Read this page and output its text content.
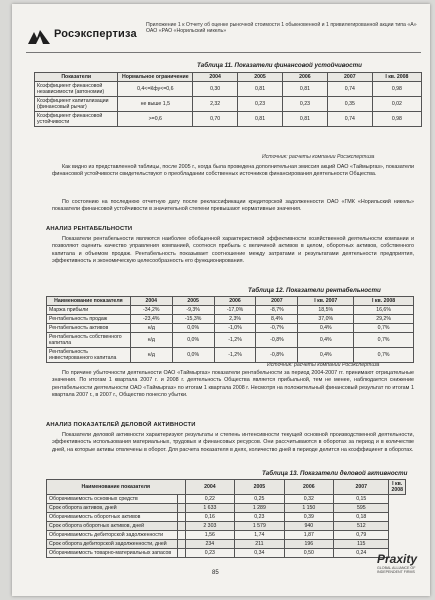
Росэкспертиза
Приложение 1 к Отчету об оценке рыночной стоимости 1 обыкновенной и 1 привилегированной акции типа «А» ОАО «РАО «Норильский никель»
Таблица 11. Показатели финансовой устойчивости
Показатели	Нормальное ограничение	2004	2005	2006	2007	I кв. 2008
Коэффициент финансовой независимости (автономии)	0,4<=Кфу<=0,6	0,30	0,81	0,81	0,74	0,98
Коэффициент капитализации (финансовый рычаг)	не выше 1,5	2,32	0,23	0,23	0,35	0,02
Коэффициент финансовой устойчивости	>=0,6	0,70	0,81	0,81	0,74	0,98
Источник: расчеты компании Росэкспертиза
Как видно из представленной таблицы, после 2005 г., когда была проведена дополнительная эмиссия акций ОАО «Таймыргаз», показатели финансовой устойчивости свидетельствуют о преобладании собственных источников финансирования деятельности Общества.
По состоянию на последнюю отчетную дату после реклассификации кредиторской задолженности ОАО «ГМК «Норильский никель» показатели финансовой устойчивости в значительной степени превышают нормативные значения.
АНАЛИЗ РЕНТАБЕЛЬНОСТИ
Показатели рентабельности являются наиболее обобщенной характеристикой эффективности хозяйственной деятельности компании и позволяют оценить качество управления компанией, соотнося прибыль с величиной активов в целом, оборотных активов, собственного капитала и объемом продаж. Рентабельность показывает соотношение между затратами и результатами деятельности предприятия, эффективность и экономическую целесообразность его функционирования.
Таблица 12. Показатели рентабельности
Наименование показателя	2004	2005	2006	2007	I кв. 2007	I кв. 2008
Маржа прибыли	-34,2%	-9,3%	-17,0%	-8,7%	18,5%	16,6%
Рентабельность продаж	-23,4%	-15,3%	2,3%	8,4%	37,0%	29,2%
Рентабельность активов	н/д	0,0%	-1,0%	-0,7%	0,4%	0,7%
Рентабельность собственного капитала	н/д	0,0%	-1,2%	-0,8%	0,4%	0,7%
Рентабельность инвестированного капитала	н/д	0,0%	-1,2%	-0,8%	0,4%	0,7%
Источник: расчеты компании Росэкспертиза
По причине убыточности деятельности ОАО «Таймыргаз» показатели рентабельности за период 2004-2007 гг. принимают отрицательные значения. По итогам 1 квартала 2007 г. и 2008 г. деятельность Общества является прибыльной, тем не менее, наблюдается снижение рентабельности деятельности ОАО «Таймыргаз» по итогам 1 квартала 2008 г. Несмотря на положительный финансовый результат по итогам 1 квартала 2007 г., в 2007 г., Общество понесло убытки.
АНАЛИЗ ПОКАЗАТЕЛЕЙ ДЕЛОВОЙ АКТИВНОСТИ
Показатели деловой активности характеризуют результаты и степень интенсивности текущей основной производственной деятельности, эффективность использования материальных, трудовых и финансовых ресурсов. Они рассчитываются в оборотах за период и в количестве дней, на которые активы отвлечены в оборот. Для расчета показателя в днях, количество дней в периоде делится на коэффициент в оборотах.
Таблица 13. Показатели деловой активности
Наименование показателя		2004	2005	2006	2007	I кв. 2008
Оборачиваемость основных средств		0,22	0,25	0,32	0,15	
Срок оборота активов, дней		1 633	1 289	1 150	595	
Оборачиваемость оборотных активов		0,16	0,23	0,39	0,18	
Срок оборота оборотных активов, дней		2 303	1 579	940	512	
Оборачиваемость дебиторской задолженности		1,56	1,74	1,87	0,79	
Срок оборота дебиторской задолженности, дней		234	211	196	115	
Оборачиваемость товарно-материальных запасов		0,23	0,34	0,50	0,24	
85
Praxity
GLOBAL ALLIANCE OF INDEPENDENT FIRMS
